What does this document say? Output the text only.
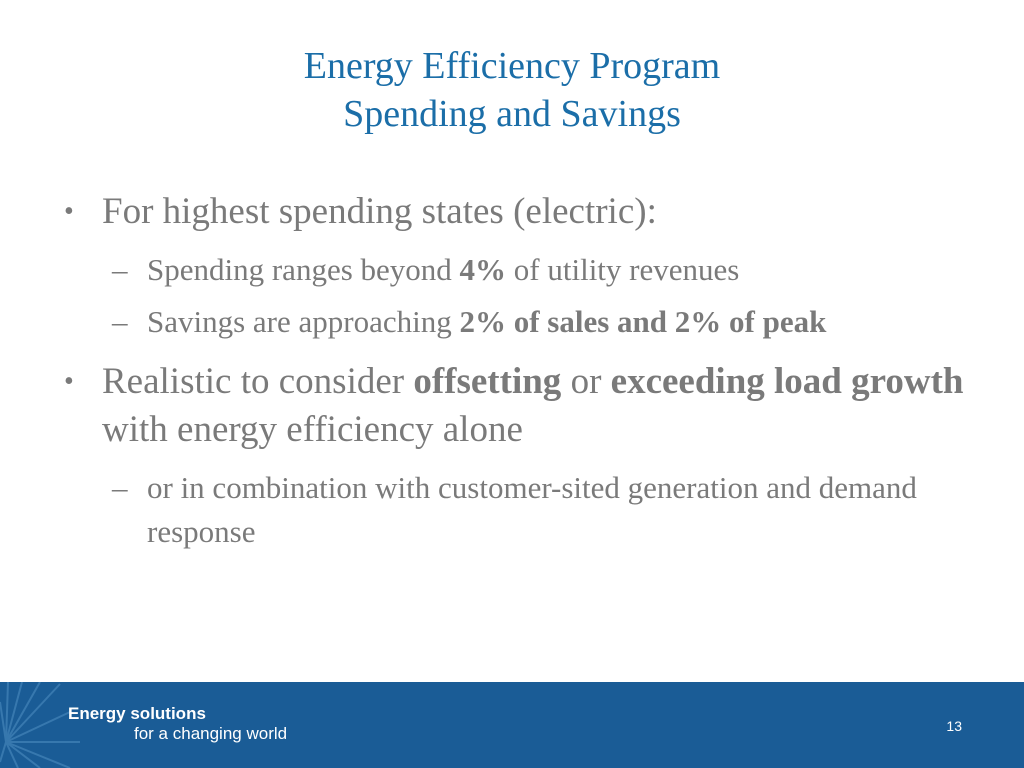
Energy Efficiency Program
Spending and Savings
• For highest spending states (electric):
– Spending ranges beyond 4% of utility revenues
– Savings are approaching 2% of sales and 2% of peak
• Realistic to consider offsetting or exceeding load growth with energy efficiency alone
– or in combination with customer-sited generation and demand response
Energy solutions
for a changing world	13
